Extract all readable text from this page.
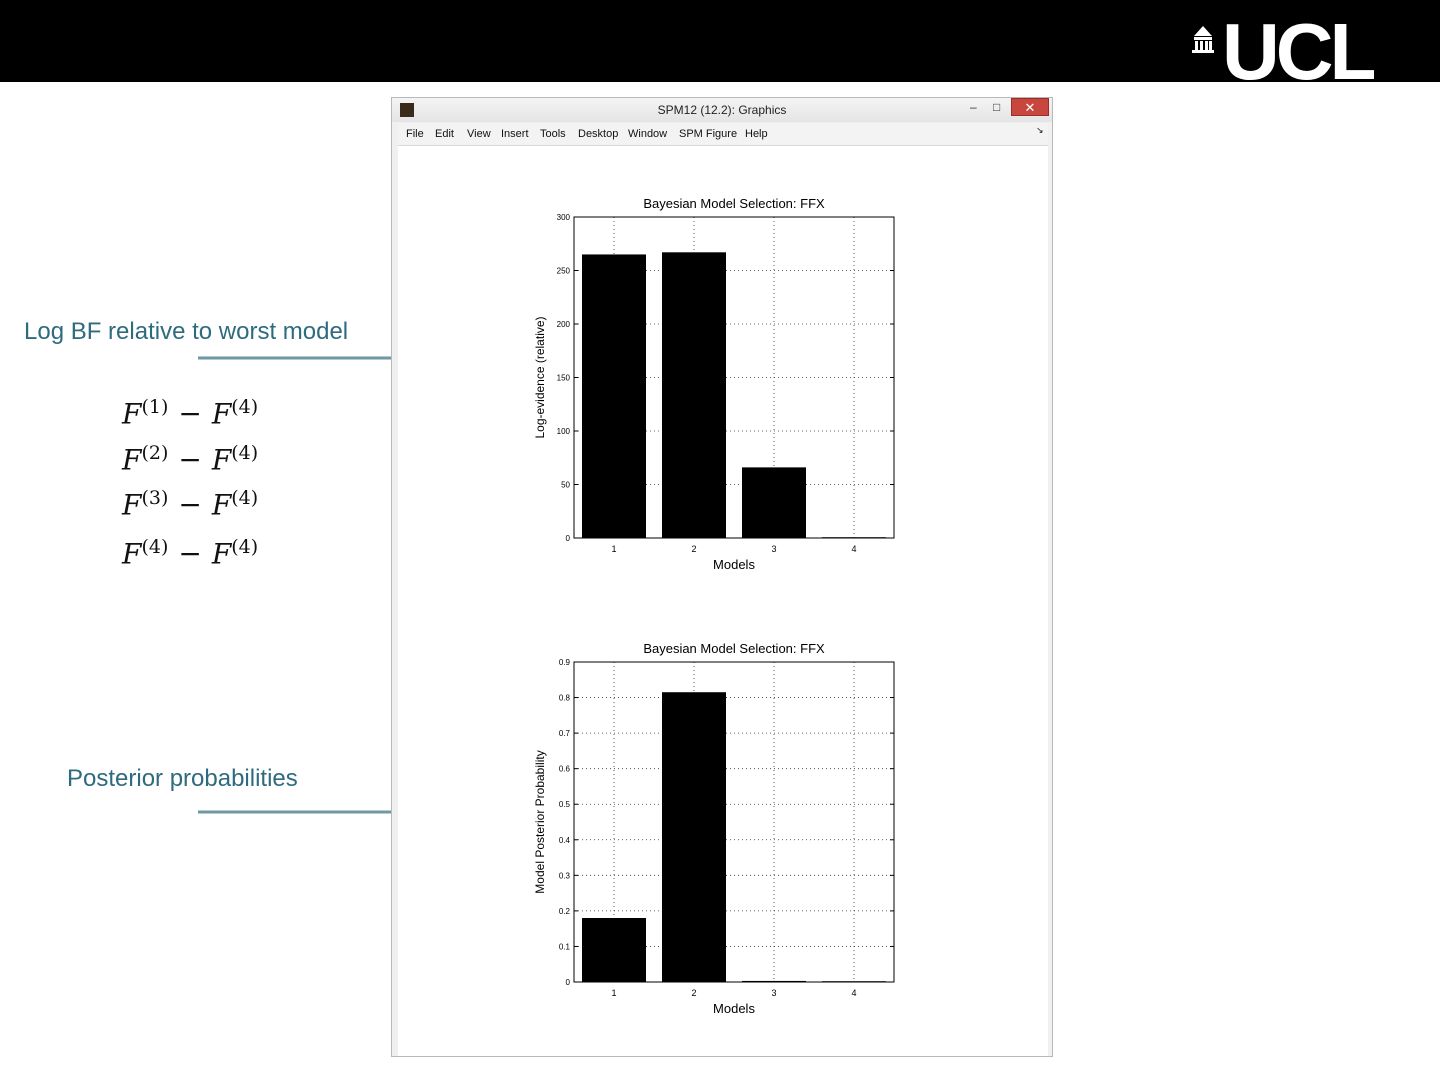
UCL
Log BF relative to worst model
$F^{(1)} - F^{(4)}$
$F^{(2)} - F^{(4)}$
$F^{(3)} - F^{(4)}$
$F^{(4)} - F^{(4)}$
Posterior probabilities
SPM12 (12.2): Graphics	– □	✕
File Edit View Insert Tools Desktop Window SPM Figure Help	↘
0
50
100
150
200
250
300
1	2	3	4
Bayesian Model Selection: FFX
Models
Log-evidence (relative)
0
0.1
0.2
0.3
0.4
0.5
0.6
0.7
0.8
0.9
1	2	3	4
Bayesian Model Selection: FFX
Models
Model Posterior Probability
